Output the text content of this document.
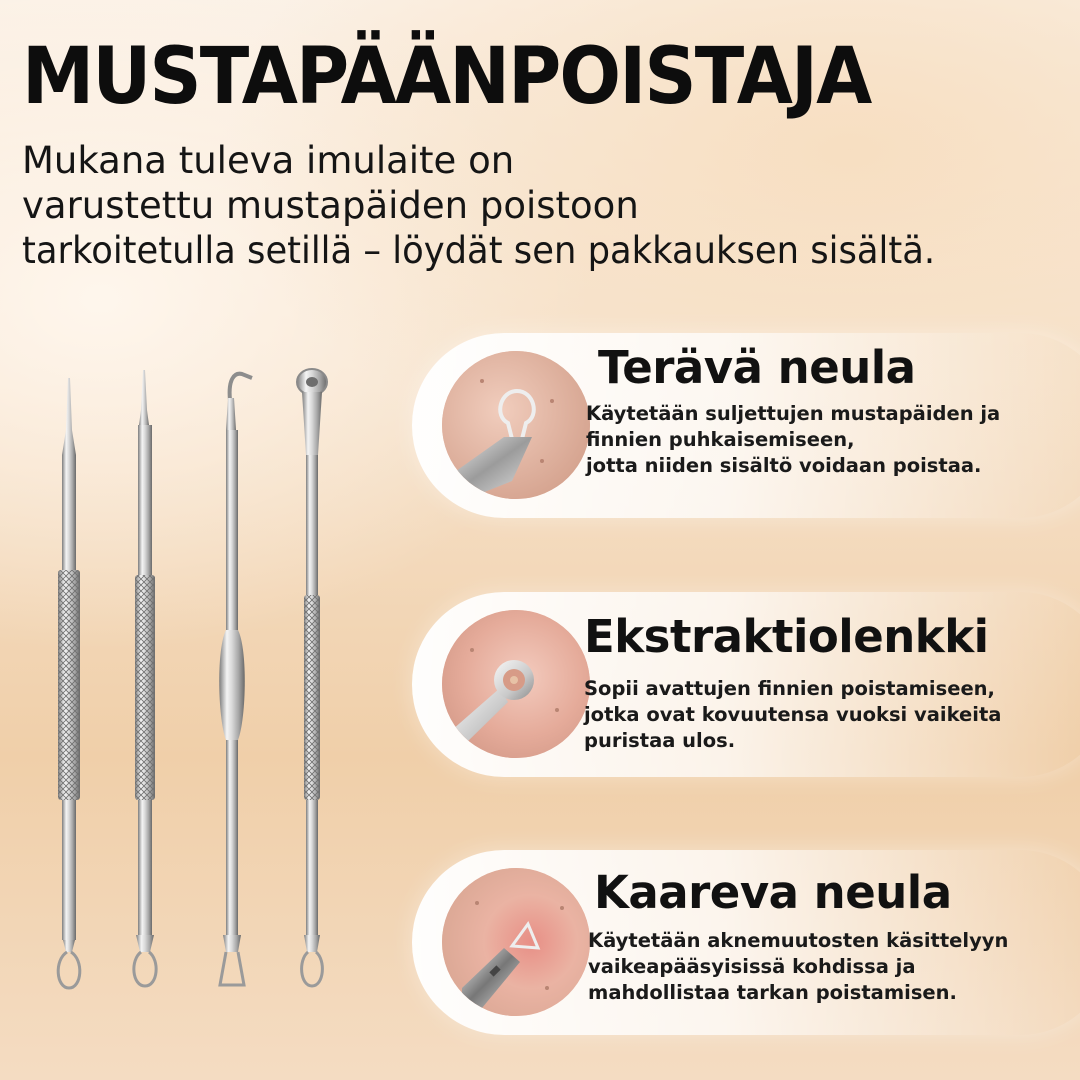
MUSTAPÄÄNPOISTAJA
Mukana tuleva imulaite on
varustettu mustapäiden poistoon
tarkoitetulla setillä – löydät sen pakkauksen sisältä.
Terävä neula
Käytetään suljettujen mustapäiden ja
finnien puhkaisemiseen,
jotta niiden sisältö voidaan poistaa.
Ekstraktiolenkki
Sopii avattujen finnien poistamiseen,
jotka ovat kovuutensa vuoksi vaikeita
puristaa ulos.
Kaareva neula
Käytetään aknemuutosten käsittelyyn
vaikeapääsyisissä kohdissa ja
mahdollistaa tarkan poistamisen.
